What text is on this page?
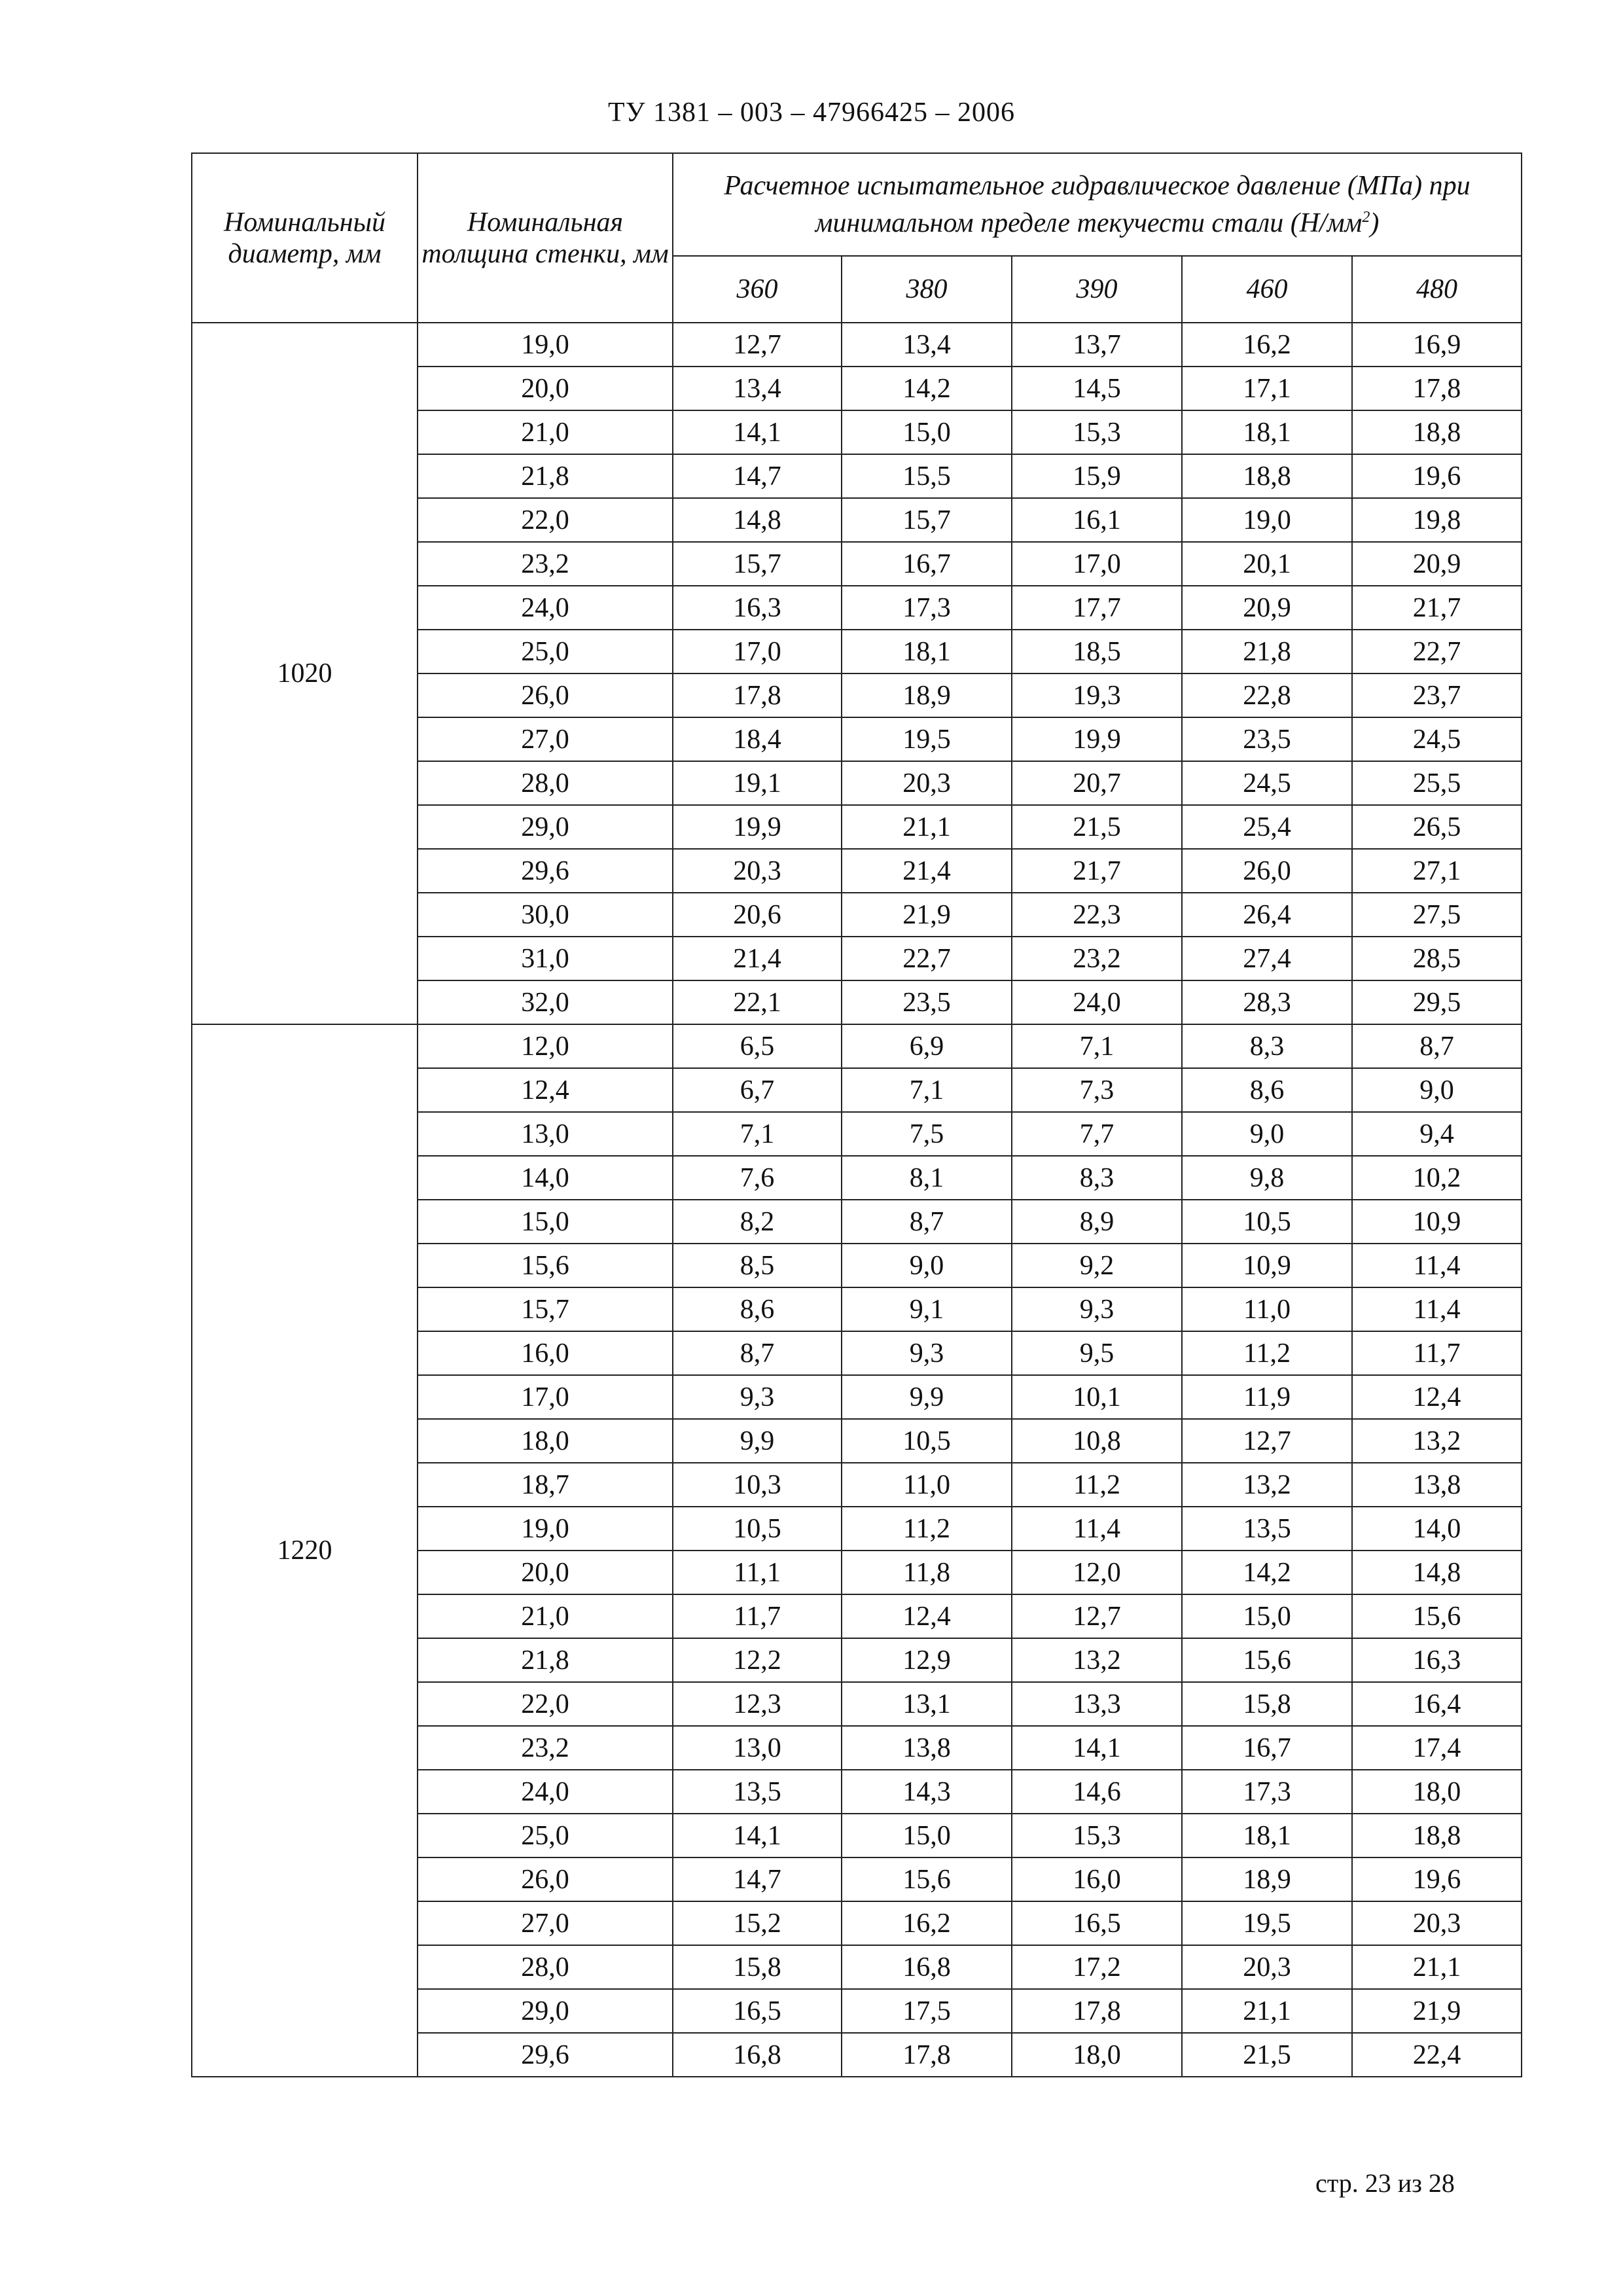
ТУ 1381 – 003 – 47966425 – 2006
Номинальный диаметр, мм	Номинальная толщина стенки, мм	Расчетное испытательное гидравлическое давление (МПа) при минимальном пределе текучести стали $(Н/мм^2)$				
		360	380	390	460	480
1020	19,0	12,7	13,4	13,7	16,2	16,9
	20,0	13,4	14,2	14,5	17,1	17,8
	21,0	14,1	15,0	15,3	18,1	18,8
	21,8	14,7	15,5	15,9	18,8	19,6
	22,0	14,8	15,7	16,1	19,0	19,8
	23,2	15,7	16,7	17,0	20,1	20,9
	24,0	16,3	17,3	17,7	20,9	21,7
	25,0	17,0	18,1	18,5	21,8	22,7
	26,0	17,8	18,9	19,3	22,8	23,7
	27,0	18,4	19,5	19,9	23,5	24,5
	28,0	19,1	20,3	20,7	24,5	25,5
	29,0	19,9	21,1	21,5	25,4	26,5
	29,6	20,3	21,4	21,7	26,0	27,1
	30,0	20,6	21,9	22,3	26,4	27,5
	31,0	21,4	22,7	23,2	27,4	28,5
	32,0	22,1	23,5	24,0	28,3	29,5
1220	12,0	6,5	6,9	7,1	8,3	8,7
	12,4	6,7	7,1	7,3	8,6	9,0
	13,0	7,1	7,5	7,7	9,0	9,4
	14,0	7,6	8,1	8,3	9,8	10,2
	15,0	8,2	8,7	8,9	10,5	10,9
	15,6	8,5	9,0	9,2	10,9	11,4
	15,7	8,6	9,1	9,3	11,0	11,4
	16,0	8,7	9,3	9,5	11,2	11,7
	17,0	9,3	9,9	10,1	11,9	12,4
	18,0	9,9	10,5	10,8	12,7	13,2
	18,7	10,3	11,0	11,2	13,2	13,8
	19,0	10,5	11,2	11,4	13,5	14,0
	20,0	11,1	11,8	12,0	14,2	14,8
	21,0	11,7	12,4	12,7	15,0	15,6
	21,8	12,2	12,9	13,2	15,6	16,3
	22,0	12,3	13,1	13,3	15,8	16,4
	23,2	13,0	13,8	14,1	16,7	17,4
	24,0	13,5	14,3	14,6	17,3	18,0
	25,0	14,1	15,0	15,3	18,1	18,8
	26,0	14,7	15,6	16,0	18,9	19,6
	27,0	15,2	16,2	16,5	19,5	20,3
	28,0	15,8	16,8	17,2	20,3	21,1
	29,0	16,5	17,5	17,8	21,1	21,9
	29,6	16,8	17,8	18,0	21,5	22,4
стр. 23 из 28
